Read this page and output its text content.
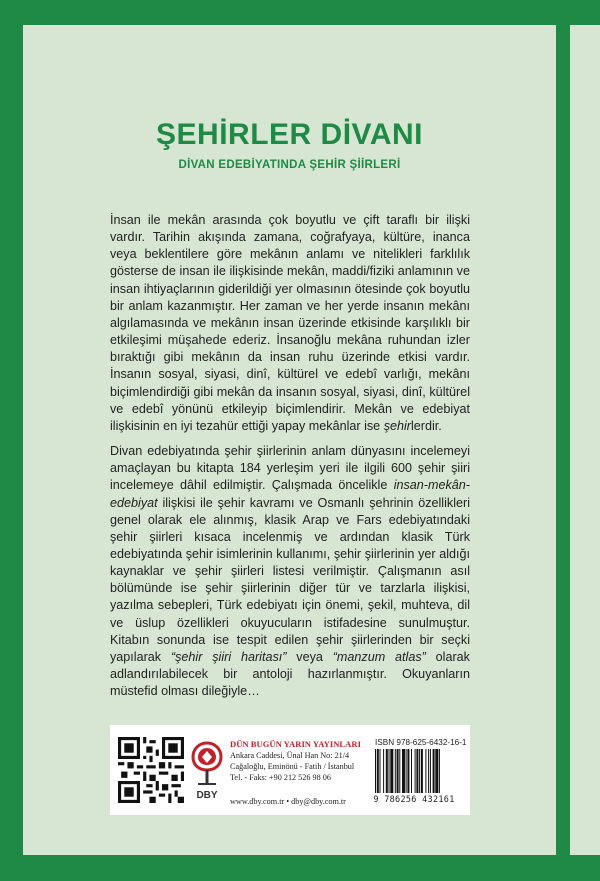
ŞEHİRLER DİVANI
DİVAN EDEBİYATINDA ŞEHİR ŞİİRLERİ

İnsan ile mekân arasında çok boyutlu ve çift taraflı bir ilişki vardır. Tarihin akışında zamana, coğrafyaya, kültüre, inanca veya beklentilere göre mekânın anlamı ve nitelikleri farklılık gösterse de insan ile ilişkisinde mekân, maddi/fiziki anlamının ve insan ihtiyaçlarının giderildiği yer olmasının ötesinde çok boyutlu bir anlam kazanmıştır. Her zaman ve her yerde insanın mekânı algılamasında ve mekânın insan üzerinde etkisinde karşılıklı bir etkileşimi müşahede ederiz. İnsanoğlu mekâna ruhundan izler bıraktığı gibi mekânın da insan ruhu üzerinde etkisi vardır. İnsanın sosyal, siyasi, dinî, kültürel ve edebî varlığı, mekânı biçimlendirdiği gibi mekân da insanın sosyal, siyasi, dinî, kültürel ve edebî yönünü etkileyip biçimlendirir. Mekân ve edebiyat ilişkisinin en iyi tezahür ettiği yapay mekânlar ise şehirlerdir.

Divan edebiyatında şehir şiirlerinin anlam dünyasını incelemeyi amaçlayan bu kitapta 184 yerleşim yeri ile ilgili 600 şehir şiiri incelemeye dâhil edilmiştir. Çalışmada öncelikle insan-mekân-edebiyat ilişkisi ile şehir kavramı ve Osmanlı şehrinin özellikleri genel olarak ele alınmış, klasik Arap ve Fars edebiyatındaki şehir şiirleri kısaca incelenmiş ve ardından klasik Türk edebiyatında şehir isimlerinin kullanımı, şehir şiirlerinin yer aldığı kaynaklar ve şehir şiirleri listesi verilmiştir. Çalışmanın asıl bölümünde ise şehir şiirlerinin diğer tür ve tarzlarla ilişkisi, yazılma sebepleri, Türk edebiyatı için önemi, şekil, muhteva, dil ve üslup özellikleri okuyucuların istifadesine sunulmuştur. Kitabın sonunda ise tespit edilen şehir şiirlerinden bir seçki yapılarak “şehir şiiri haritası” veya “manzum atlas” olarak adlandırılabilecek bir antoloji hazırlanmıştır. Okuyanların müstefid olması dileğiyle…

DBY
DÜN BUGÜN YARIN YAYINLARI
Ankara Caddesi, Ünal Han No: 21/4
Cağaloğlu, Eminönü - Fatih / İstanbul
Tel. - Faks: +90 212 526 98 06
www.dby.com.tr • dby@dby.com.tr
ISBN 978-625-6432-16-1
9 786256 432161
